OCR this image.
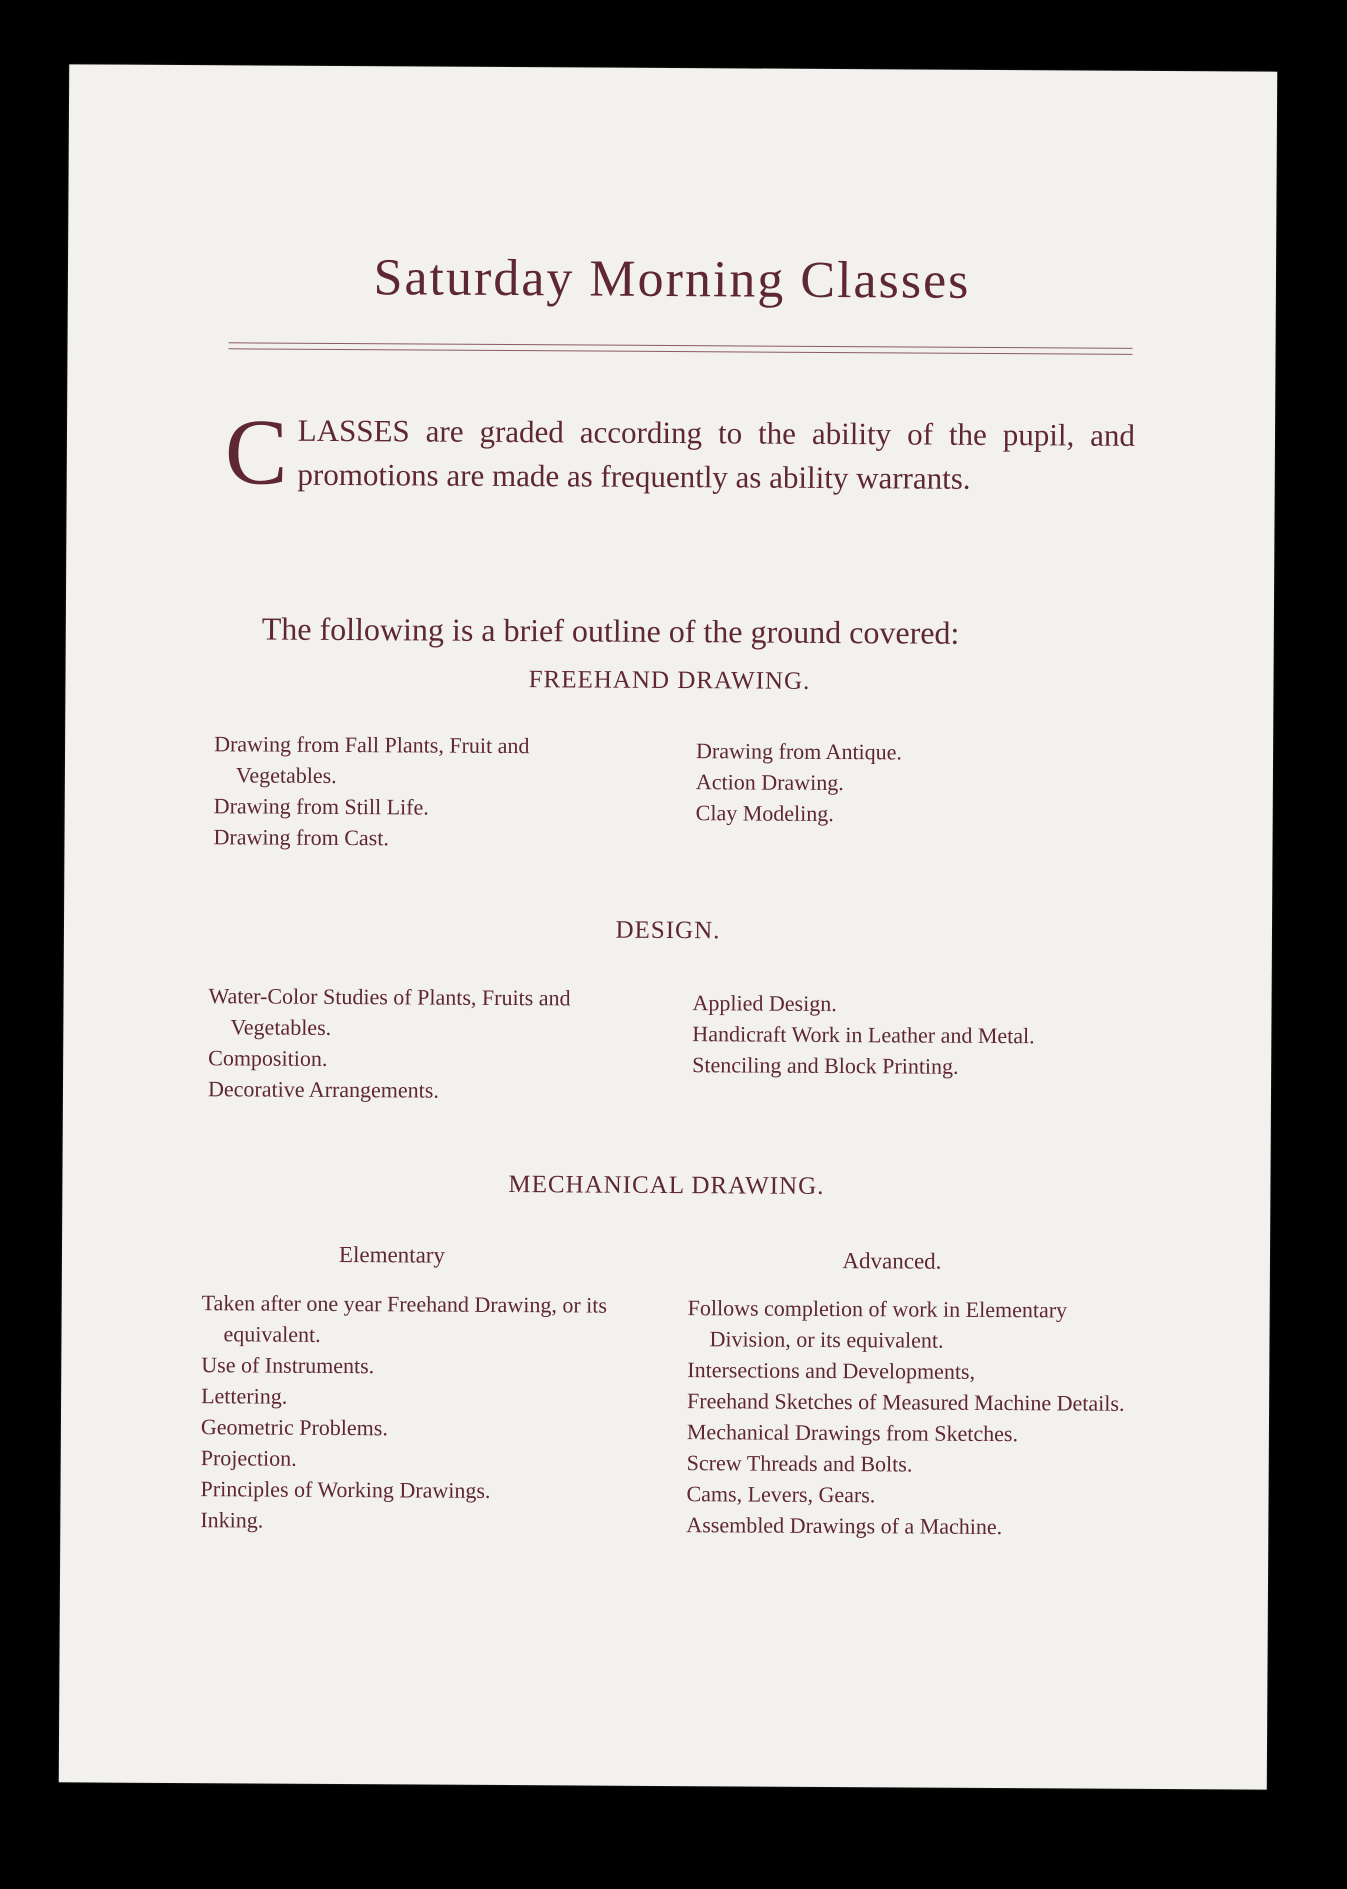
Saturday Morning Classes
CLASSES are graded according to the ability of the pupil, and promotions are made as frequently as ability warrants.
The following is a brief outline of the ground covered:
FREEHAND DRAWING.
Drawing from Fall Plants, Fruit and Vegetables.
Drawing from Still Life.
Drawing from Cast.
Drawing from Antique.
Action Drawing.
Clay Modeling.
DESIGN.
Water-Color Studies of Plants, Fruits and Vegetables.
Composition.
Decorative Arrangements.
Applied Design.
Handicraft Work in Leather and Metal.
Stenciling and Block Printing.
MECHANICAL DRAWING.
Elementary	Advanced.
Taken after one year Freehand Drawing, or its equivalent.
Use of Instruments.
Lettering.
Geometric Problems.
Projection.
Principles of Working Drawings.
Inking.
Follows completion of work in Elementary Division, or its equivalent.
Intersections and Developments,
Freehand Sketches of Measured Machine Details.
Mechanical Drawings from Sketches.
Screw Threads and Bolts.
Cams, Levers, Gears.
Assembled Drawings of a Machine.
